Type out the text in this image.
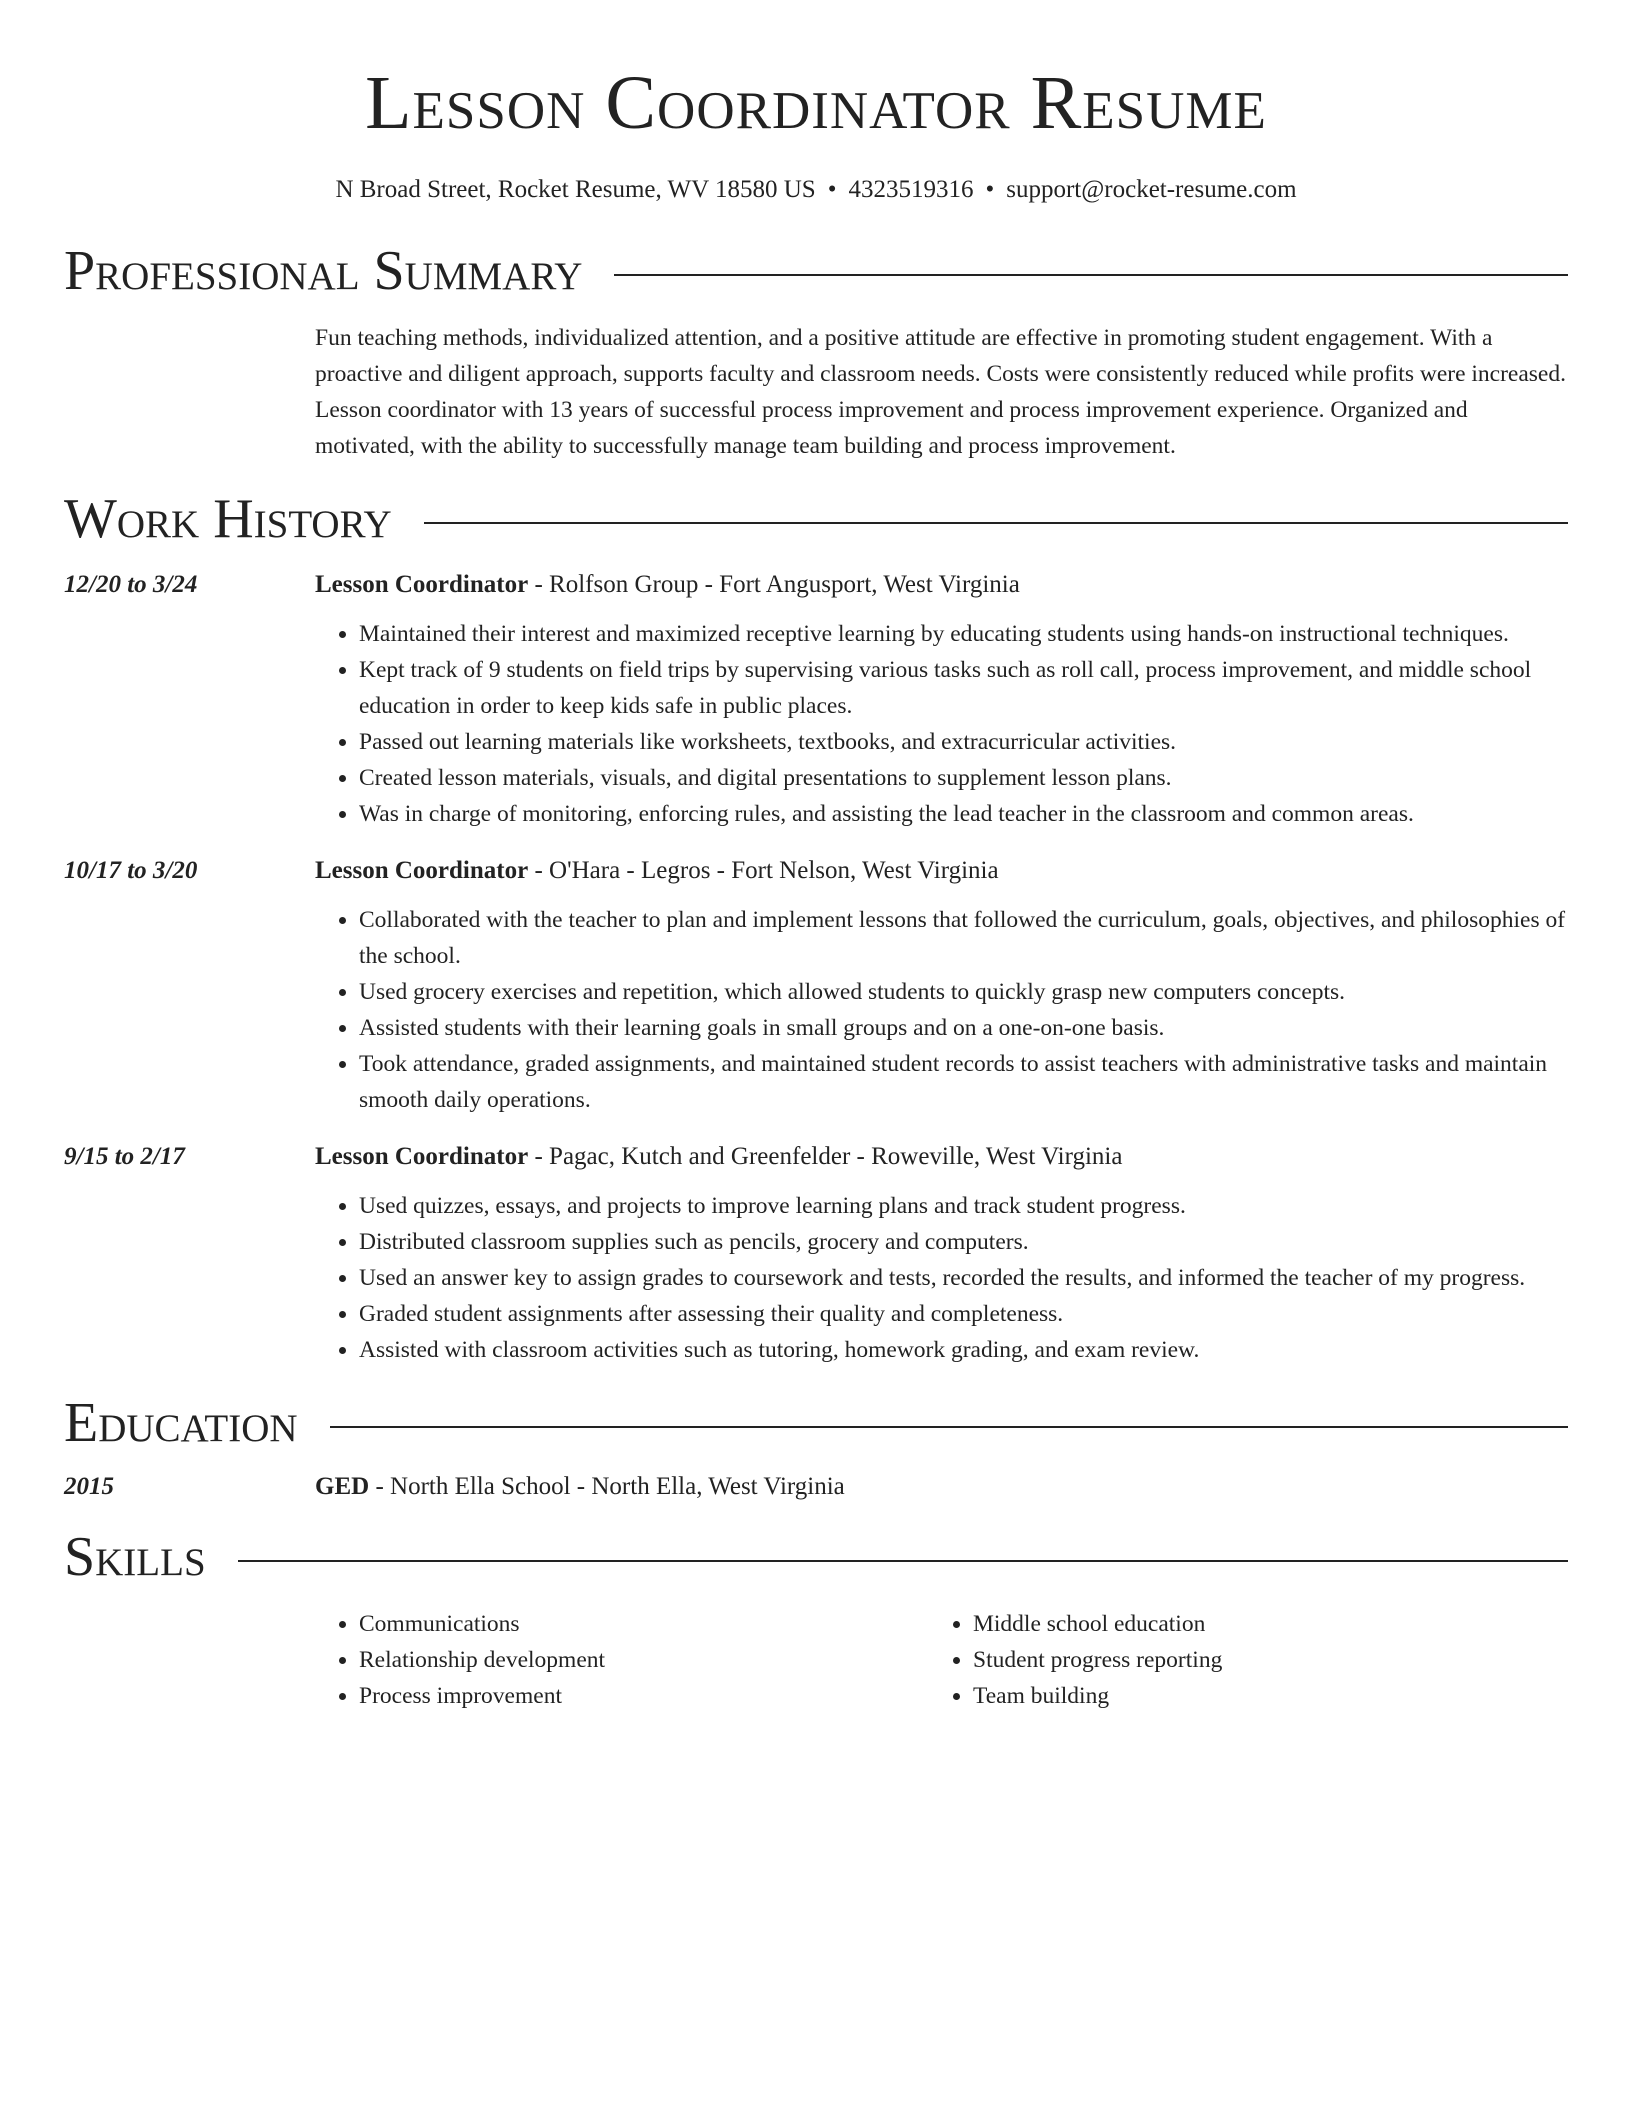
Lesson Coordinator Resume
N Broad Street, Rocket Resume, WV 18580 US • 4323519316 • support@rocket-resume.com
Professional Summary
Fun teaching methods, individualized attention, and a positive attitude are effective in promoting student engagement. With a proactive and diligent approach, supports faculty and classroom needs. Costs were consistently reduced while profits were increased. Lesson coordinator with 13 years of successful process improvement and process improvement experience. Organized and motivated, with the ability to successfully manage team building and process improvement.
Work History
12/20 to 3/24	Lesson Coordinator - Rolfson Group - Fort Angusport, West Virginia
• Maintained their interest and maximized receptive learning by educating students using hands-on instructional techniques.
• Kept track of 9 students on field trips by supervising various tasks such as roll call, process improvement, and middle school education in order to keep kids safe in public places.
• Passed out learning materials like worksheets, textbooks, and extracurricular activities.
• Created lesson materials, visuals, and digital presentations to supplement lesson plans.
• Was in charge of monitoring, enforcing rules, and assisting the lead teacher in the classroom and common areas.
10/17 to 3/20	Lesson Coordinator - O'Hara - Legros - Fort Nelson, West Virginia
• Collaborated with the teacher to plan and implement lessons that followed the curriculum, goals, objectives, and philosophies of the school.
• Used grocery exercises and repetition, which allowed students to quickly grasp new computers concepts.
• Assisted students with their learning goals in small groups and on a one-on-one basis.
• Took attendance, graded assignments, and maintained student records to assist teachers with administrative tasks and maintain smooth daily operations.
9/15 to 2/17	Lesson Coordinator - Pagac, Kutch and Greenfelder - Roweville, West Virginia
• Used quizzes, essays, and projects to improve learning plans and track student progress.
• Distributed classroom supplies such as pencils, grocery and computers.
• Used an answer key to assign grades to coursework and tests, recorded the results, and informed the teacher of my progress.
• Graded student assignments after assessing their quality and completeness.
• Assisted with classroom activities such as tutoring, homework grading, and exam review.
Education
2015	GED - North Ella School - North Ella, West Virginia
Skills
• Communications
• Relationship development
• Process improvement
• Middle school education
• Student progress reporting
• Team building
